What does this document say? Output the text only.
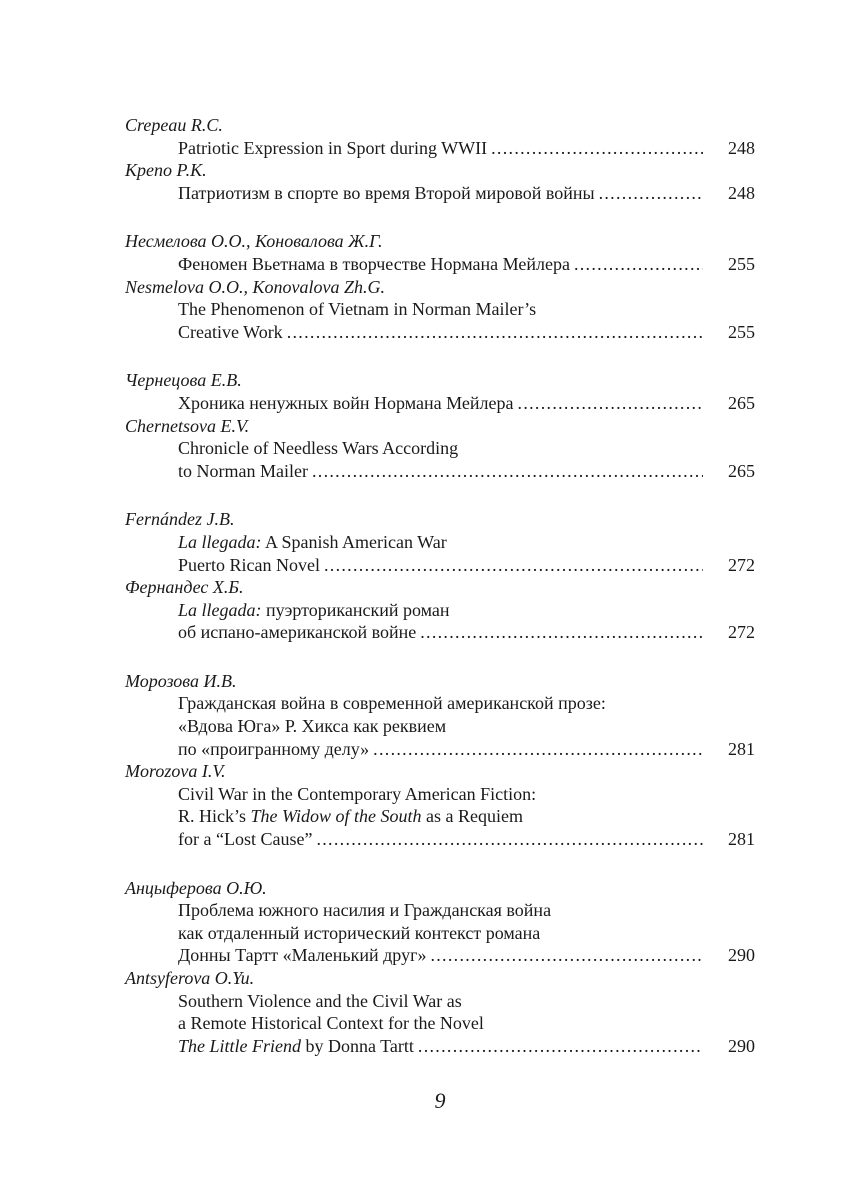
Crepeau R.C.
Patriotic Expression in Sport during WWII . . .	248
Крепо Р.К.
Патриотизм в спорте во время Второй мировой войны . . .	248
Несмелова О.О., Коновалова Ж.Г.
Феномен Вьетнама в творчестве Нормана Мейлера . . .	255
Nesmelova O.O., Konovalova Zh.G.
The Phenomenon of Vietnam in Norman Mailer’s
Creative Work . . .	255
Чернецова Е.В.
Хроника ненужных войн Нормана Мейлера . . .	265
Chernetsova E.V.
Chronicle of Needless Wars According
to Norman Mailer . . .	265
Fernández J.B.
La llegada: A Spanish American War
Puerto Rican Novel . . .	272
Фернандес Х.Б.
La llegada: пуэрториканский роман
об испано-американской войне . . .	272
Морозова И.В.
Гражданская война в современной американской прозе:
«Вдова Юга» Р. Хикса как реквием
по «проигранному делу» . . .	281
Morozova I.V.
Civil War in the Contemporary American Fiction:
R. Hick’s The Widow of the South as a Requiem
for a “Lost Cause” . . .	281
Анцыферова О.Ю.
Проблема южного насилия и Гражданская война
как отдаленный исторический контекст романа
Донны Тартт «Маленький друг» . . .	290
Antsyferova O.Yu.
Southern Violence and the Civil War as
a Remote Historical Context for the Novel
The Little Friend by Donna Tartt . . .	290
9
